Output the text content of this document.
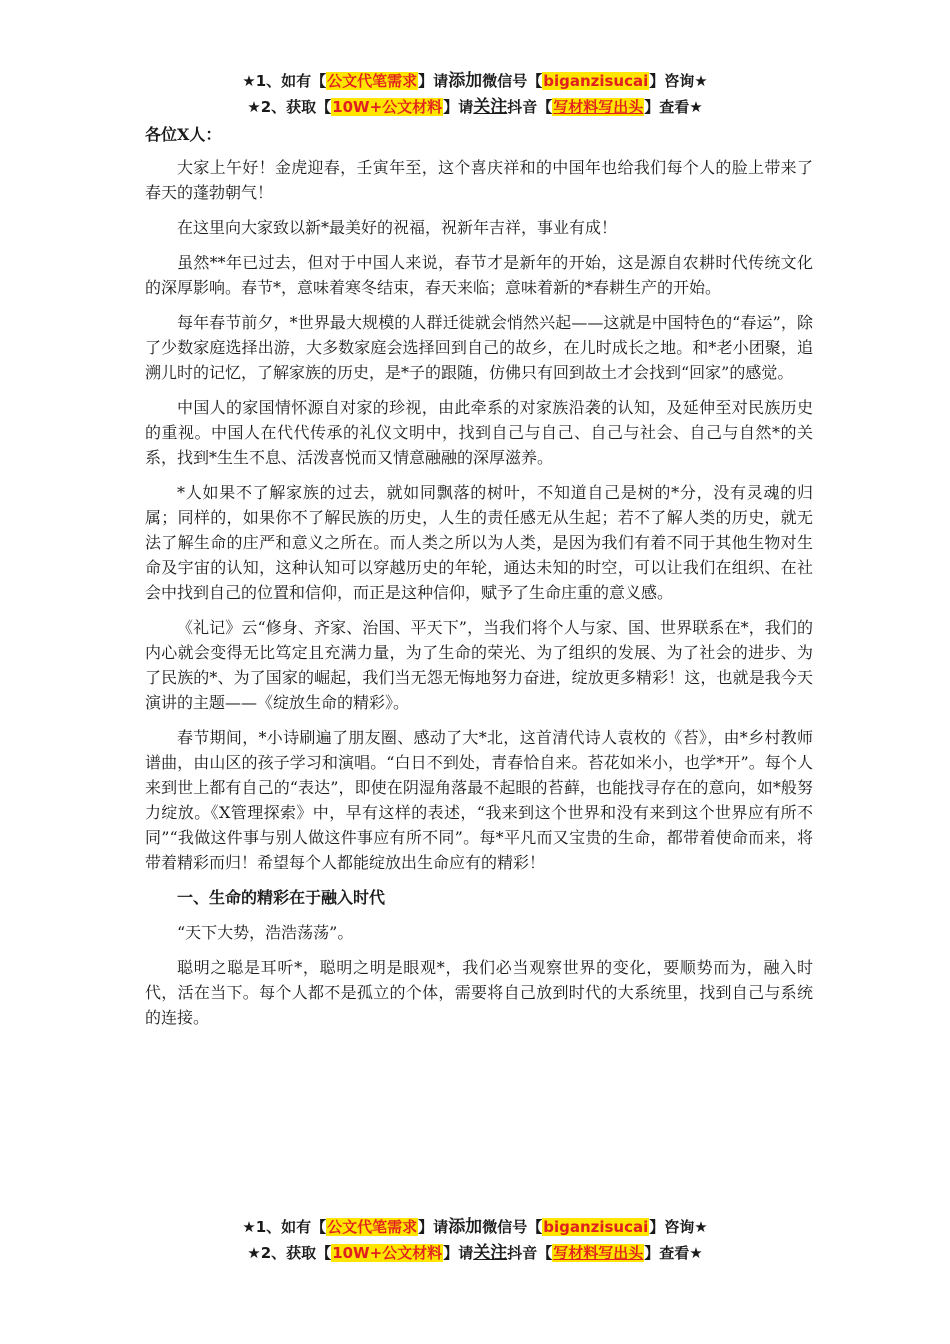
★1、如有【公文代笔需求】请添加微信号【biganzisucai】咨询★
★2、获取【10W+公文材料】请关注抖音【写材料写出头】查看★

各位X人：

大家上午好！金虎迎春，壬寅年至，这个喜庆祥和的中国年也给我们每个人的脸上带来了春天的蓬勃朝气！

在这里向大家致以新*最美好的祝福，祝新年吉祥，事业有成！

虽然**年已过去，但对于中国人来说，春节才是新年的开始，这是源自农耕时代传统文化的深厚影响。春节*，意味着寒冬结束，春天来临；意味着新的*春耕生产的开始。

每年春节前夕，*世界最大规模的人群迁徙就会悄然兴起——这就是中国特色的“春运”，除了少数家庭选择出游，大多数家庭会选择回到自己的故乡，在儿时成长之地。和*老小团聚，追溯儿时的记忆，了解家族的历史，是*子的跟随，仿佛只有回到故土才会找到“回家”的感觉。

中国人的家国情怀源自对家的珍视，由此牵系的对家族沿袭的认知，及延伸至对民族历史的重视。中国人在代代传承的礼仪文明中，找到自己与自己、自己与社会、自己与自然*的关系，找到*生生不息、活泼喜悦而又情意融融的深厚滋养。

*人如果不了解家族的过去，就如同飘落的树叶，不知道自己是树的*分，没有灵魂的归属；同样的，如果你不了解民族的历史，人生的责任感无从生起；若不了解人类的历史，就无法了解生命的庄严和意义之所在。而人类之所以为人类，是因为我们有着不同于其他生物对生命及宇宙的认知，这种认知可以穿越历史的年轮，通达未知的时空，可以让我们在组织、在社会中找到自己的位置和信仰，而正是这种信仰，赋予了生命庄重的意义感。

《礼记》云“修身、齐家、治国、平天下”，当我们将个人与家、国、世界联系在*，我们的内心就会变得无比笃定且充满力量，为了生命的荣光、为了组织的发展、为了社会的进步、为了民族的*、为了国家的崛起，我们当无怨无悔地努力奋进，绽放更多精彩！这，也就是我今天演讲的主题——《绽放生命的精彩》。

春节期间，*小诗刷遍了朋友圈、感动了大*北，这首清代诗人袁枚的《苔》，由*乡村教师谱曲，由山区的孩子学习和演唱。“白日不到处，青春恰自来。苔花如米小，也学*开”。每个人来到世上都有自己的“表达”，即使在阴湿角落最不起眼的苔藓，也能找寻存在的意向，如*般努力绽放。《X管理探索》中，早有这样的表述，“我来到这个世界和没有来到这个世界应有所不同”“我做这件事与别人做这件事应有所不同”。每*平凡而又宝贵的生命，都带着使命而来，将带着精彩而归！希望每个人都能绽放出生命应有的精彩！

一、生命的精彩在于融入时代

“天下大势，浩浩荡荡”。

聪明之聪是耳听*，聪明之明是眼观*，我们必当观察世界的变化，要顺势而为，融入时代，活在当下。每个人都不是孤立的个体，需要将自己放到时代的大系统里，找到自己与系统的连接。

★1、如有【公文代笔需求】请添加微信号【biganzisucai】咨询★
★2、获取【10W+公文材料】请关注抖音【写材料写出头】查看★
